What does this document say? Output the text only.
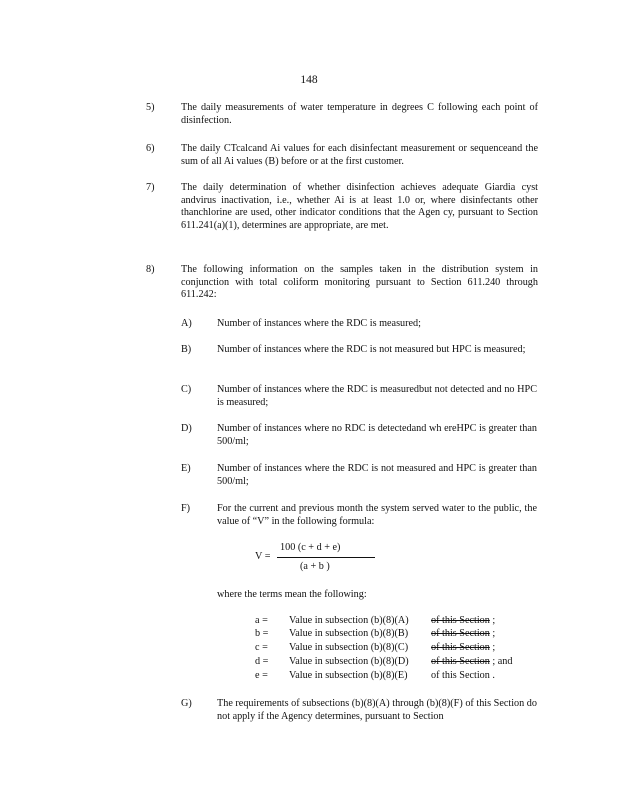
148
5)	The daily measurements of water temperature in degrees C following each point of disinfection.
6)	The daily CTcalcand Ai values for each disinfectant measurement or sequenceand the sum of all Ai values (B) before or at the first customer.
7)	The daily determination of whether disinfection achieves adequate Giardia cyst andvirus inactivation, i.e., whether Ai is at least 1.0 or, where disinfectants other thanchlorine are used, other indicator conditions that the Agen cy, pursuant to Section 611.241(a)(1), determines are appropriate, are met.
8)	The following information on the samples taken in the distribution system in conjunction with total coliform monitoring pursuant to Section 611.240 through 611.242:
A) Number of instances where the RDC is measured;
B)	Number of instances where the RDC is not measured but HPC is measured;
C)	Number of instances where the RDC is measuredbut not detected and no HPC is measured;
D) Number of instances where no RDC is detectedand wh ereHPC is greater than 500/ml;
E)	Number of instances where the RDC is not measured and HPC is greater than 500/ml;
F)	For the current and previous month the system served water to the public, the value of “V” in the following formula:
V =
100 (c + d + e)
(a + b )
where the terms mean the following:
a = Value in subsection (b)(8)(A) of this Section ;
b = Value in subsection (b)(8)(B) of this Section ;
c = Value in subsection (b)(8)(C) of this Section ;
d = Value in subsection (b)(8)(D) of this Section ; and
e = Value in subsection (b)(8)(E) of this Section .
G) The requirements of subsections (b)(8)(A) through (b)(8)(F) of this Section do not apply if the Agency determines, pursuant to Section
